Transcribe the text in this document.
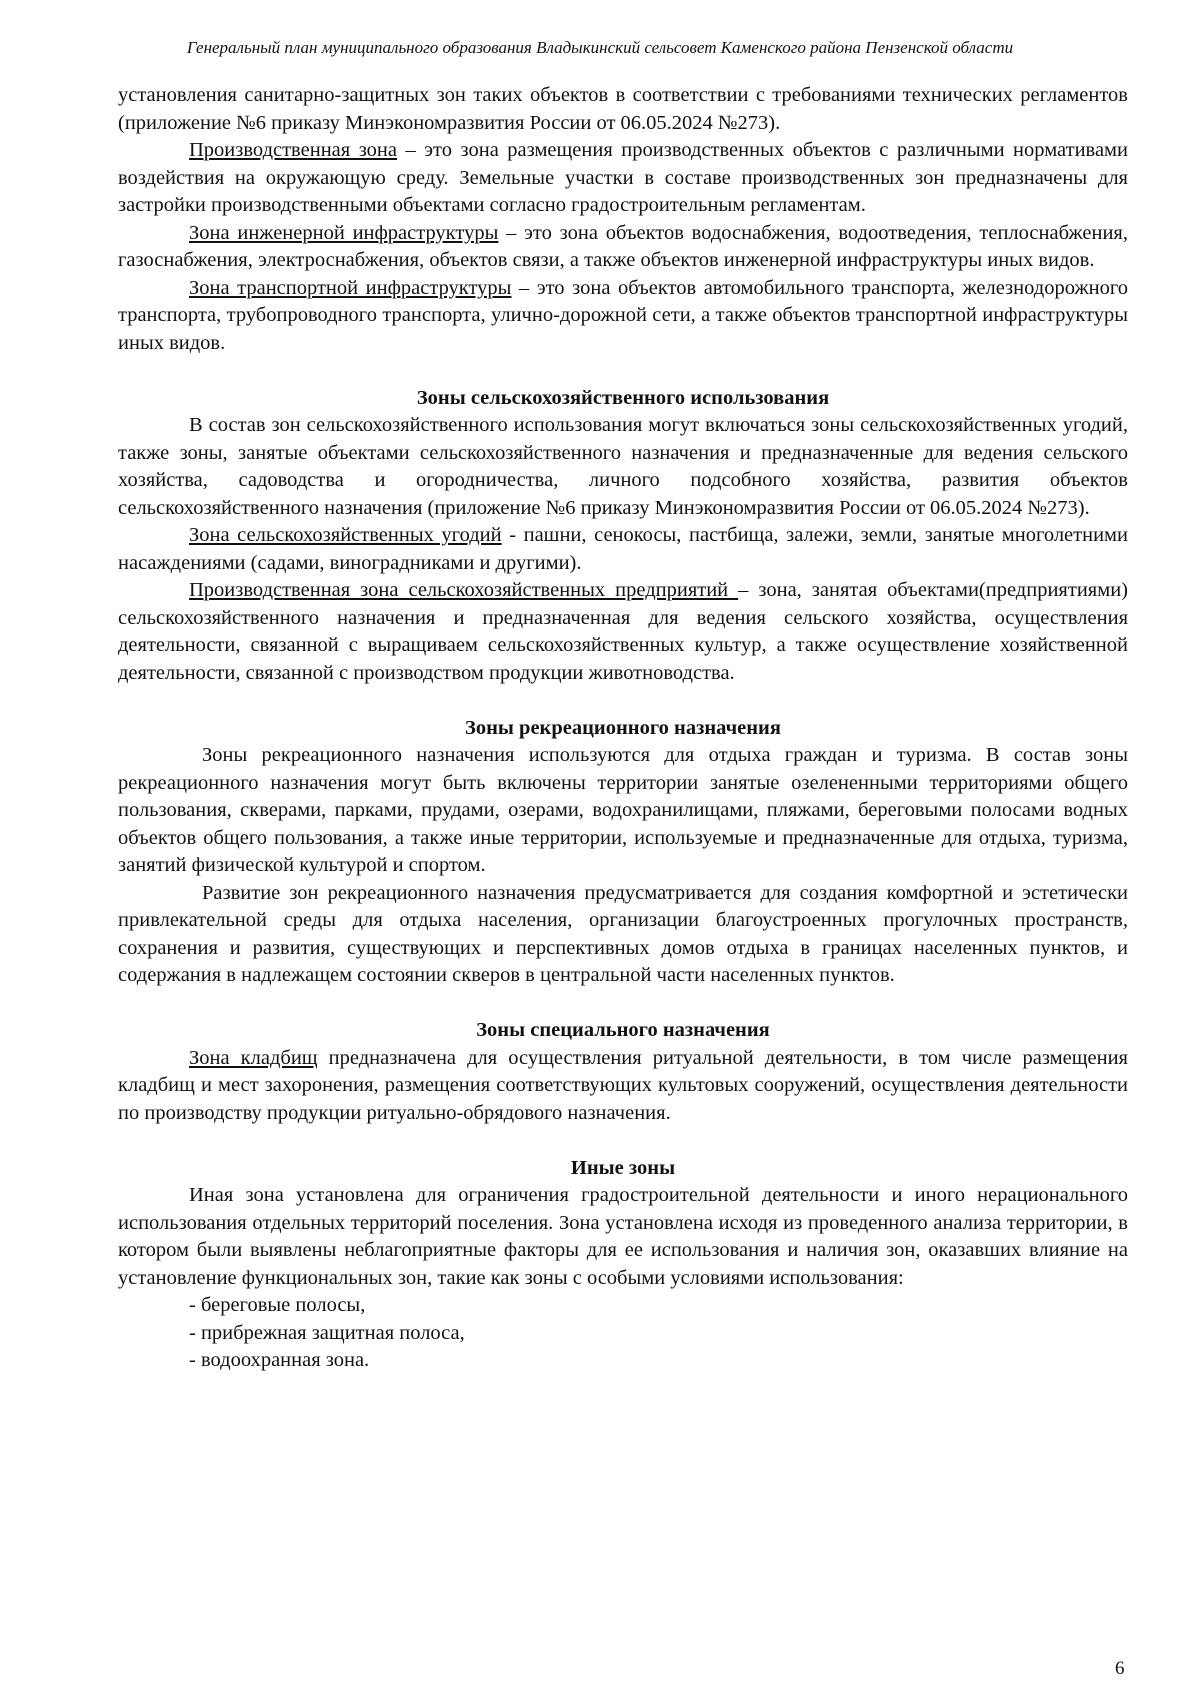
Генеральный план муниципального образования Владыкинский сельсовет Каменского района Пензенской области

установления санитарно-защитных зон таких объектов в соответствии с требованиями технических регламентов (приложение №6 приказу Минэкономразвития России от 06.05.2024 №273).

Производственная зона – это зона размещения производственных объектов с различными нормативами воздействия на окружающую среду. Земельные участки в составе производственных зон предназначены для застройки производственными объектами согласно градостроительным регламентам.

Зона инженерной инфраструктуры – это зона объектов водоснабжения, водоотведения, теплоснабжения, газоснабжения, электроснабжения, объектов связи, а также объектов инженерной инфраструктуры иных видов.

Зона транспортной инфраструктуры – это зона объектов автомобильного транспорта, железнодорожного транспорта, трубопроводного транспорта, улично-дорожной сети, а также объектов транспортной инфраструктуры иных видов.

Зоны сельскохозяйственного использования

В состав зон сельскохозяйственного использования могут включаться зоны сельскохозяйственных угодий, также зоны, занятые объектами сельскохозяйственного назначения и предназначенные для ведения сельского хозяйства, садоводства и огородничества, личного подсобного хозяйства, развития объектов сельскохозяйственного назначения (приложение №6 приказу Минэкономразвития России от 06.05.2024 №273).

Зона сельскохозяйственных угодий - пашни, сенокосы, пастбища, залежи, земли, занятые многолетними насаждениями (садами, виноградниками и другими).

Производственная зона сельскохозяйственных предприятий – зона, занятая объектами(предприятиями) сельскохозяйственного назначения и предназначенная для ведения сельского хозяйства, осуществления деятельности, связанной с выращиваем сельскохозяйственных культур, а также осуществление хозяйственной деятельности, связанной с производством продукции животноводства.

Зоны рекреационного назначения

Зоны рекреационного назначения используются для отдыха граждан и туризма. В состав зоны рекреационного назначения могут быть включены территории занятые озелененными территориями общего пользования, скверами, парками, прудами, озерами, водохранилищами, пляжами, береговыми полосами водных объектов общего пользования, а также иные территории, используемые и предназначенные для отдыха, туризма, занятий физической культурой и спортом.

Развитие зон рекреационного назначения предусматривается для создания комфортной и эстетически привлекательной среды для отдыха населения, организации благоустроенных прогулочных пространств, сохранения и развития, существующих и перспективных домов отдыха в границах населенных пунктов, и содержания в надлежащем состоянии скверов в центральной части населенных пунктов.

Зоны специального назначения

Зона кладбищ предназначена для осуществления ритуальной деятельности, в том числе размещения кладбищ и мест захоронения, размещения соответствующих культовых сооружений, осуществления деятельности по производству продукции ритуально-обрядового назначения.

Иные зоны

Иная зона установлена для ограничения градостроительной деятельности и иного нерационального использования отдельных территорий поселения. Зона установлена исходя из проведенного анализа территории, в котором были выявлены неблагоприятные факторы для ее использования и наличия зон, оказавших влияние на установление функциональных зон, такие как зоны с особыми условиями использования:

- береговые полосы,
- прибрежная защитная полоса,
- водоохранная зона.
6
